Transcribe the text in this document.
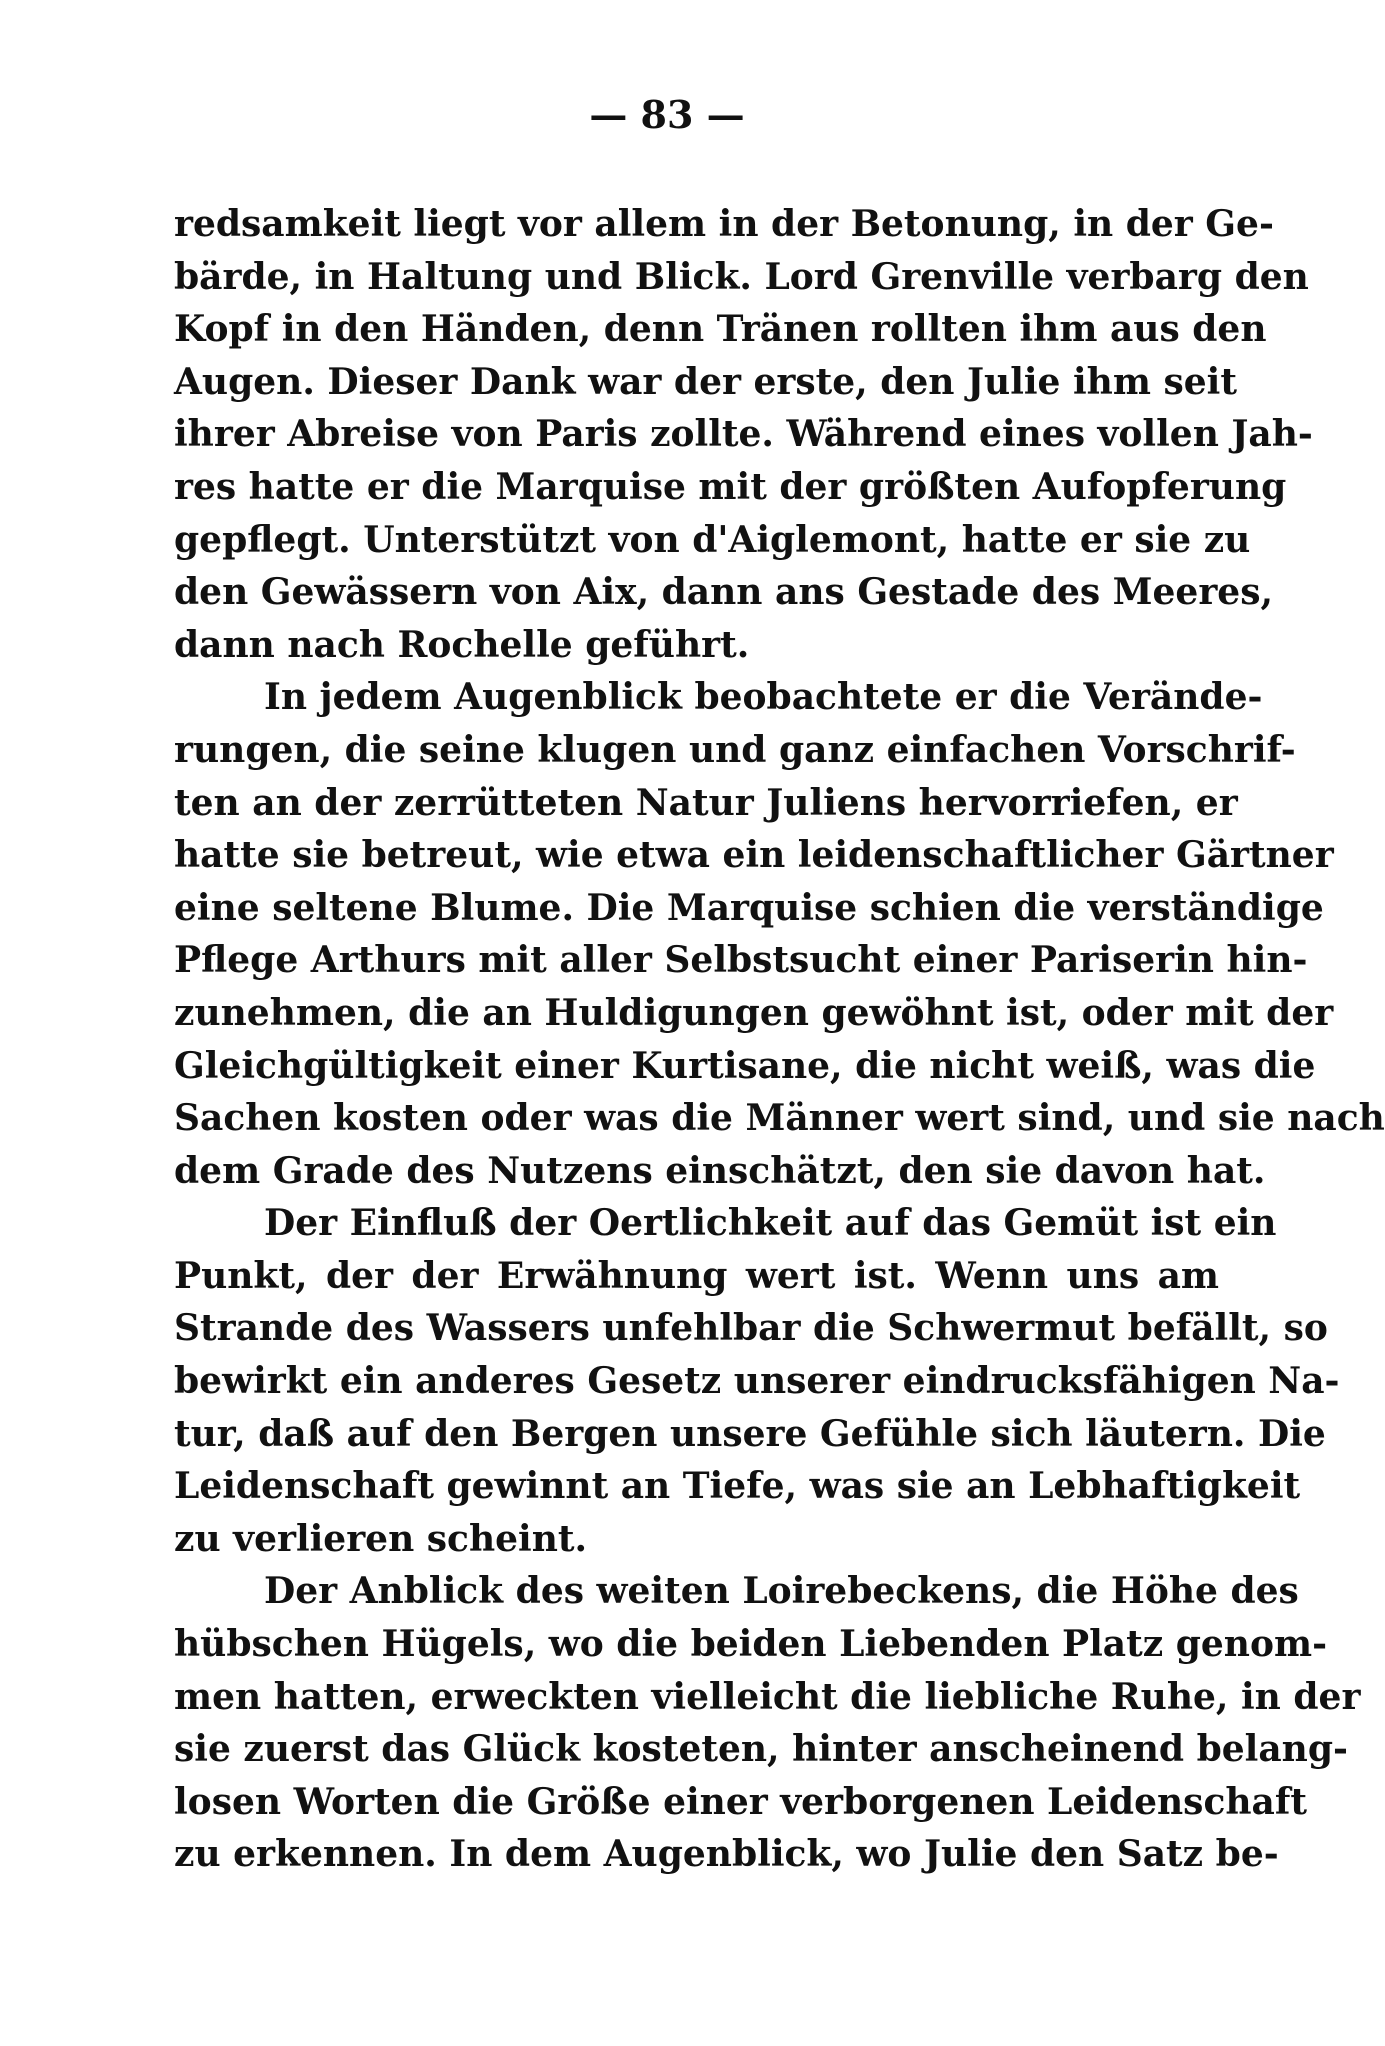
— 83 —
redsamkeit liegt vor allem in der Betonung, in der Ge-
bärde, in Haltung und Blick. Lord Grenville verbarg den
Kopf in den Händen, denn Tränen rollten ihm aus den
Augen. Dieser Dank war der erste, den Julie ihm seit
ihrer Abreise von Paris zollte. Während eines vollen Jah-
res hatte er die Marquise mit der größten Aufopferung
gepflegt. Unterstützt von d'Aiglemont, hatte er sie zu
den Gewässern von Aix, dann ans Gestade des Meeres,
dann nach Rochelle geführt.
In jedem Augenblick beobachtete er die Verände-
rungen, die seine klugen und ganz einfachen Vorschrif-
ten an der zerrütteten Natur Juliens hervorriefen, er
hatte sie betreut, wie etwa ein leidenschaftlicher Gärtner
eine seltene Blume. Die Marquise schien die verständige
Pflege Arthurs mit aller Selbstsucht einer Pariserin hin-
zunehmen, die an Huldigungen gewöhnt ist, oder mit der
Gleichgültigkeit einer Kurtisane, die nicht weiß, was die
Sachen kosten oder was die Männer wert sind, und sie nach
dem Grade des Nutzens einschätzt, den sie davon hat.
Der Einfluß der Oertlichkeit auf das Gemüt ist ein
Punkt, der der Erwähnung wert ist. Wenn uns am
Strande des Wassers unfehlbar die Schwermut befällt, so
bewirkt ein anderes Gesetz unserer eindrucksfähigen Na-
tur, daß auf den Bergen unsere Gefühle sich läutern. Die
Leidenschaft gewinnt an Tiefe, was sie an Lebhaftigkeit
zu verlieren scheint.
Der Anblick des weiten Loirebeckens, die Höhe des
hübschen Hügels, wo die beiden Liebenden Platz genom-
men hatten, erweckten vielleicht die liebliche Ruhe, in der
sie zuerst das Glück kosteten, hinter anscheinend belang-
losen Worten die Größe einer verborgenen Leidenschaft
zu erkennen. In dem Augenblick, wo Julie den Satz be-
